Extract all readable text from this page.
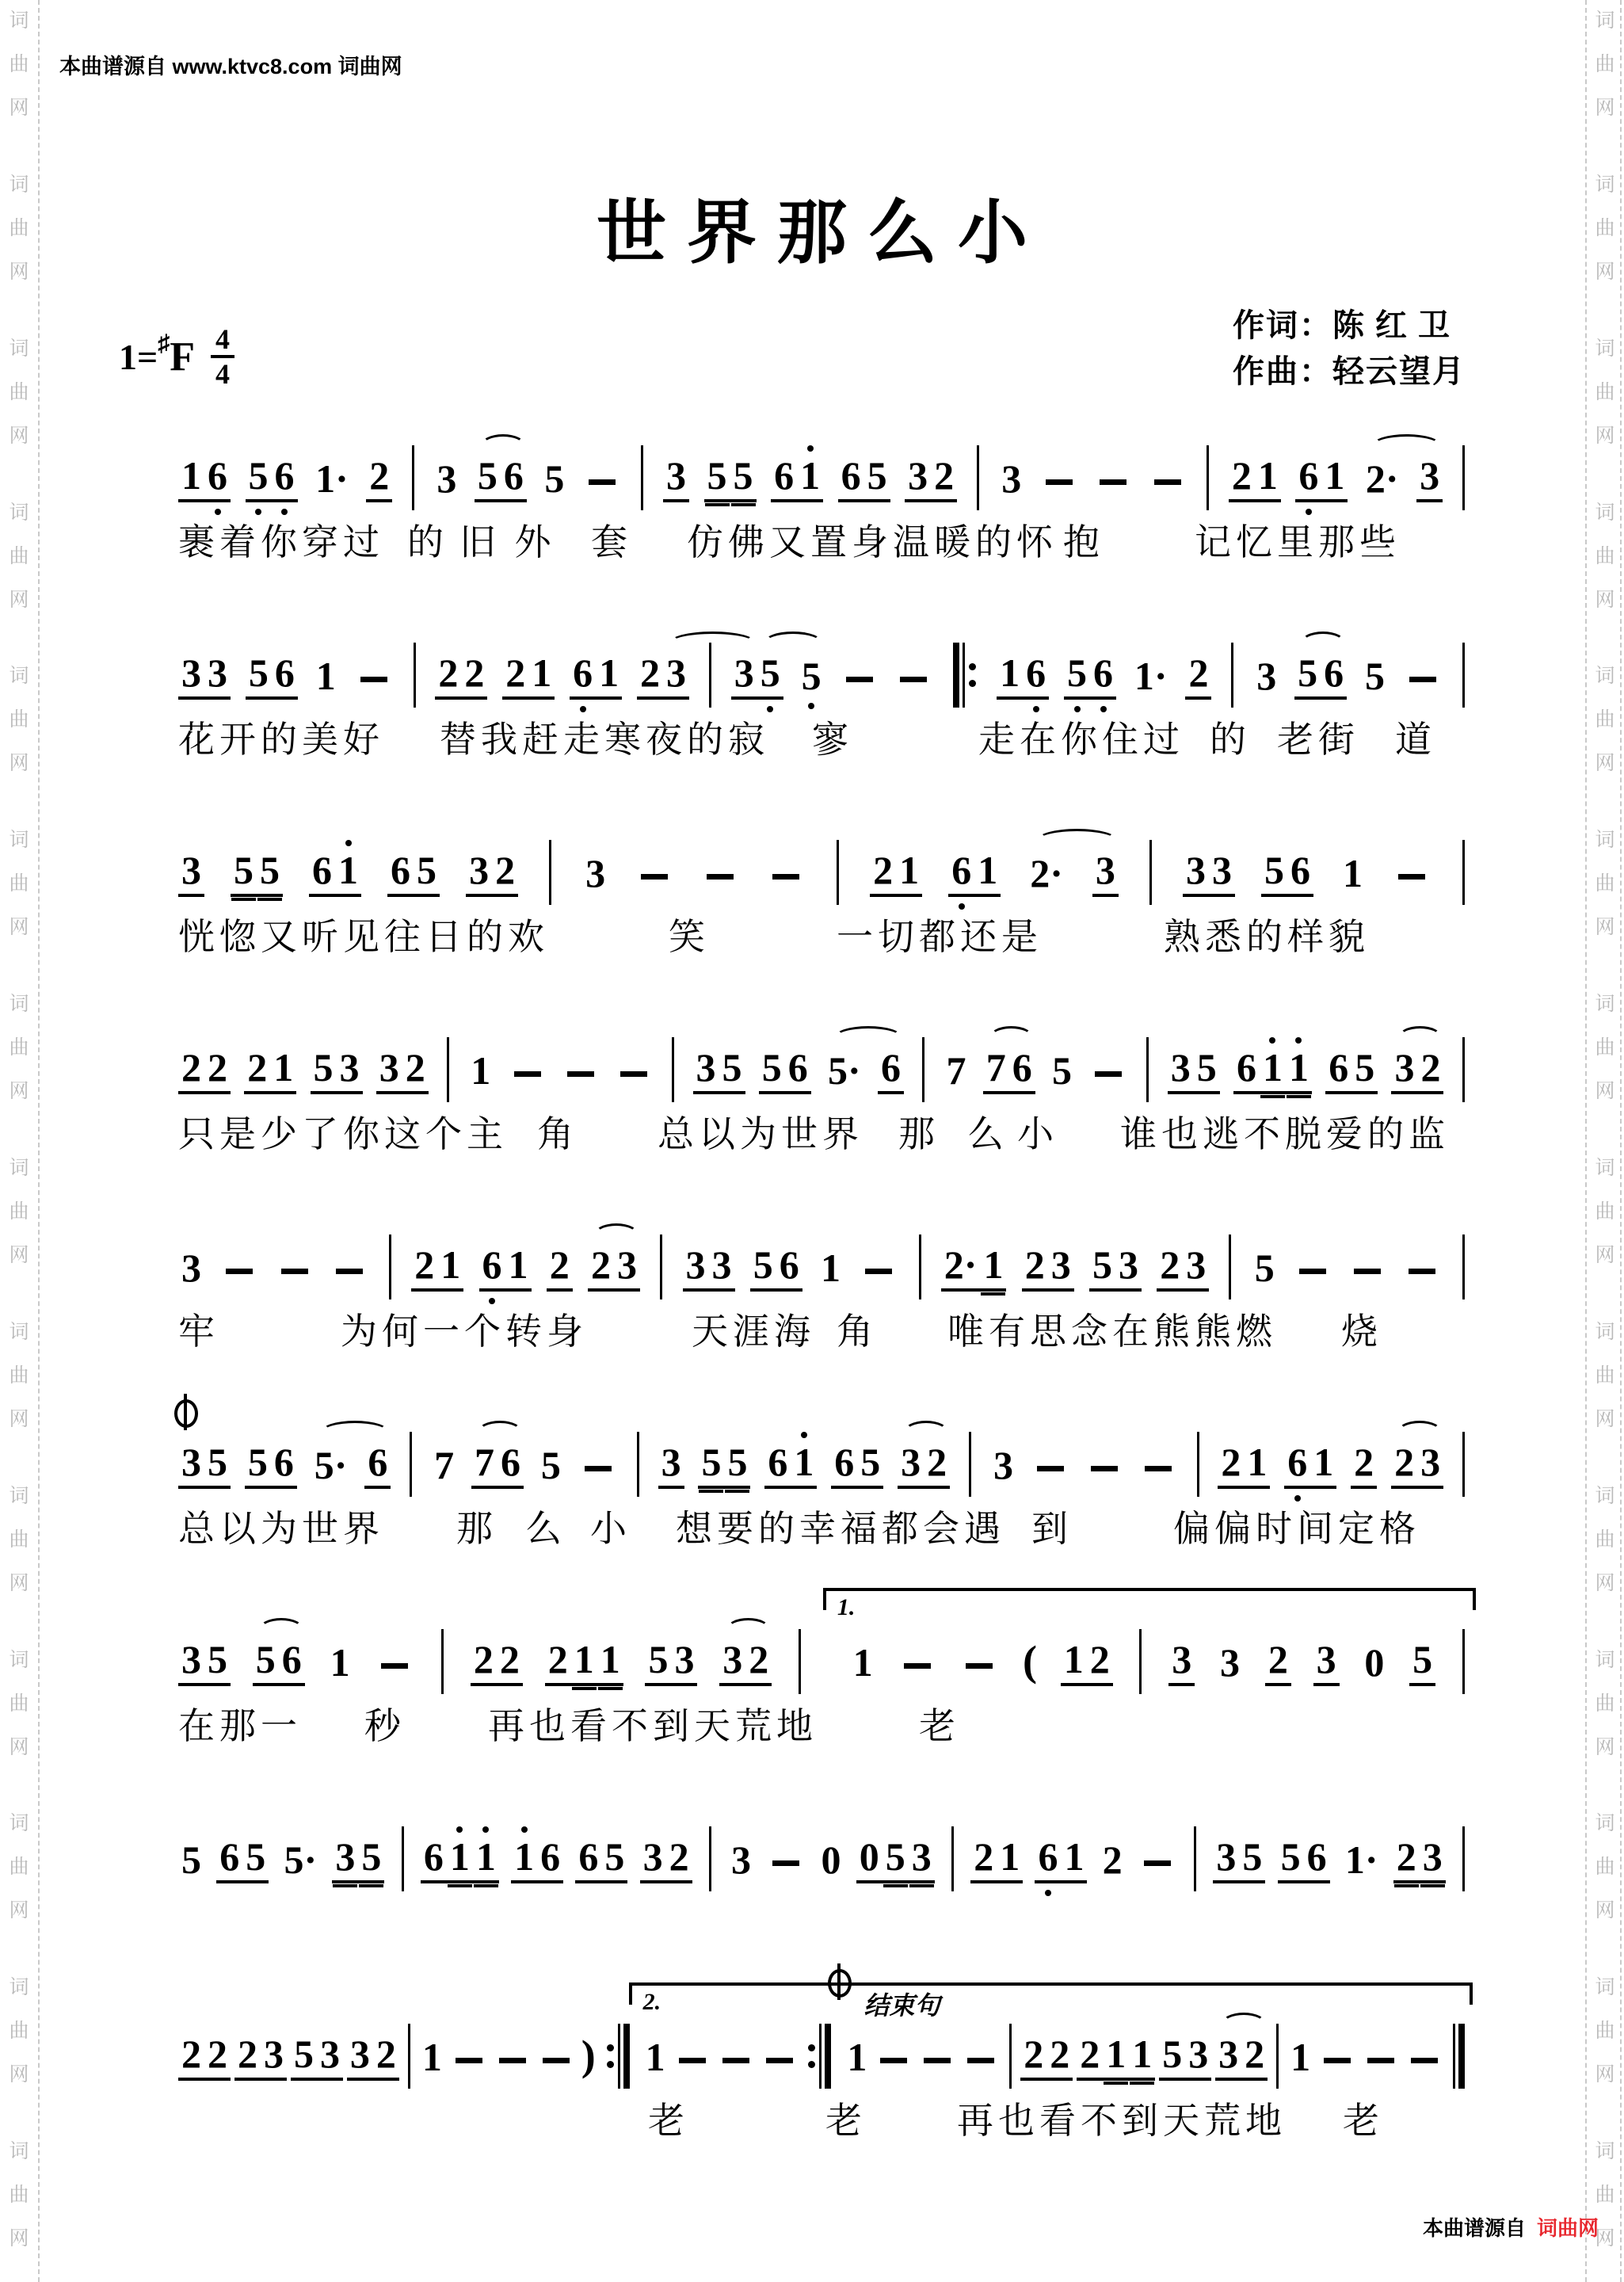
词
曲
网
词
曲
网
词
曲
网
词
曲
网
词
曲
网
词
曲
网
词
曲
网
词
曲
网
词
曲
网
词
曲
网
词
曲
网
词
曲
网
词
曲
网
词
曲
网
词
曲
网
词
曲
网
词
曲
网
词
曲
网
词
曲
网
词
曲
网
词
曲
网
词
曲
网
词
曲
网
词
曲
网
词
曲
网
词
曲
网
词
曲
网
词
曲
网
本曲谱源自 www.ktvc8.com 词曲网
世界那么小
1=♯ F $\frac{4}{4}$	作词：陈 红 卫
作曲：轻云望月
1 6 5 6 1· 2 3 5 6 5	3 5 5 6 1 6 5 3 2 3	2 1 6 1 2· 3
裹着你穿过 的 旧 外 套 仿佛又置身温暖的怀 抱 记忆里那些
3 3 5 6 1	2 2 2 1 6 1 2 3 3 5 5	1 6 5 6 1· 2 3 5 6 5
花开的美好 替我赶走寒夜的寂 寥	走在你住过 的 老街 道
3 5 5 6 1 6 5 3 2 3	2 1 6 1 2· 3 3 3 5 6 1
恍惚又听见往日的欢	笑	一切都还是	熟悉的样貌
2 2 2 1 5 3 3 2 1	3 5 5 6 5· 6 7 7 6 5 3 5 6 1 1 6 5 3 2
只是少了你这个主 角 总以为世界 那  么 小 谁也逃不脱爱的监
3	2 1 6 1 2 2 3 3 3 5 6 1	2· 1 2 3 5 3 2 3 5
牢	为何一个转身	天涯海 角 唯有思念在熊熊燃 烧
3 5 5 6 5· 6 7 7 6 5	3 5 5 6 1 6 5 3 2 3	2 1 6 1 2 2 3
总以为世界 那  么 小 想要的幸福都会遇 到	偏偏时间定格
3 5 5 6 1	2 2 2 1 1 5 3 3 2 1	( 1 2 3 3 2 3 0 5
1.
在那一 秒 再也看不到天荒地	老
5 6 5 5· 3 5 6 1 1 1 6 6 5 3 2 3 0 0 5 3 2 1 6 1 2 3 5 5 6 1· 2 3
2 2 2 3 5 3 3 2 1	) 1	1	2 2 2 1 1 5 3 3 2 1
2.	结束句
老	老 再也看不到天荒地 老
本曲谱源自 词曲网
